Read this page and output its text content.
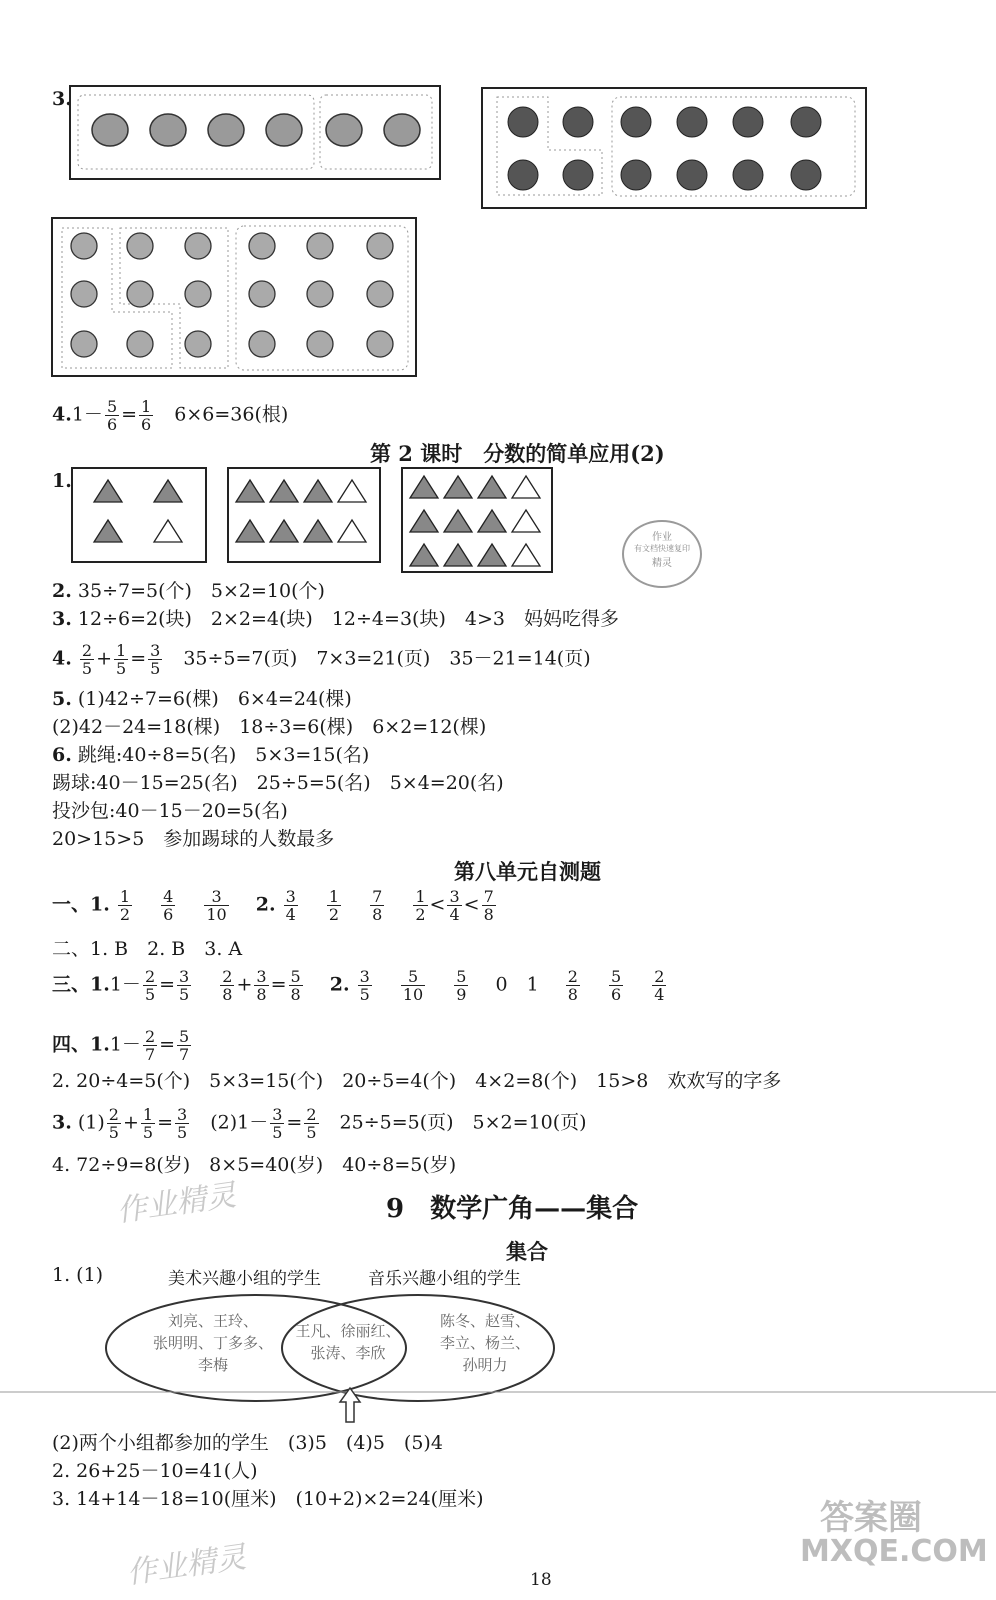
3.
$4.1- \frac{5}{6} = \frac{1}{6}$
　 6×6=36(根)
第 2 课时　分数的简单应用(2)
1.
作业
有文档快速复印
精灵
2. 35÷7=5(个)　5×2=10(个)
3. 12÷6=2(块)　2×2=4(块)　12÷4=3(块)　4>3　妈妈吃得多
4. $\frac{2}{5} + \frac{1}{5} = \frac{3}{5}$
　 35÷5=7(页)　7×3=21(页)　35－21=14(页)
5. (1)42÷7=6(棵)　6×4=24(棵)
(2)42－24=18(棵)　18÷3=6(棵)　6×2=12(棵)
6. 跳绳:40÷8=5(名)　5×3=15(名)
踢球:40－15=25(名)　25÷5=5(名)　5×4=20(名)
投沙包:40－15－20=5(名)
20>15>5　参加踢球的人数最多
第八单元自测题
一、1. $\frac{1}{2}$
　 $\frac{4}{6}$
　 $\frac{3}{10}$
　 2. $\frac{3}{4}$
　 $\frac{1}{2}$
　 $\frac{7}{8}$
　 $\frac{1}{2} < \frac{3}{4} < \frac{7}{8}$
二、1. B　2. B　3. A
三、$1.1- \frac{2}{5} = \frac{3}{5}$
　 $\frac{2}{8} + \frac{3}{8} = \frac{5}{8}$
　 2. $\frac{3}{5}$
　 $\frac{5}{10}$
　 $\frac{5}{9}$
　 0　1　 $\frac{2}{8}$
　 $\frac{5}{6}$
　 $\frac{2}{4}$
四、$1.1- \frac{2}{7} = \frac{5}{7}$
2. 20÷4=5(个)　5×3=15(个)　20÷5=4(个)　4×2=8(个)　15>8　欢欢写的字多
3. $(1) \frac{2}{5} + \frac{1}{5} = \frac{3}{5}$ 　$(2)1- \frac{3}{5} = \frac{2}{5}$
　 25÷5=5(页)　5×2=10(页)
4. 72÷9=8(岁)　8×5=40(岁)　40÷8=5(岁)
作业精灵	9　数学广角——集合
集合
1. (1)	美术兴趣小组的学生	音乐兴趣小组的学生
刘亮、王玲、
张明明、丁多多、
李梅
王凡、徐丽红、
张涛、李欣
陈冬、赵雪、
李立、杨兰、
孙明力
(2)两个小组都参加的学生　(3)5　(4)5　(5)4
2. 26+25－10=41(人)
3. 14+14－18=10(厘米)　(10+2)×2=24(厘米)
作业精灵
答案圈
MXQE.COM
18
